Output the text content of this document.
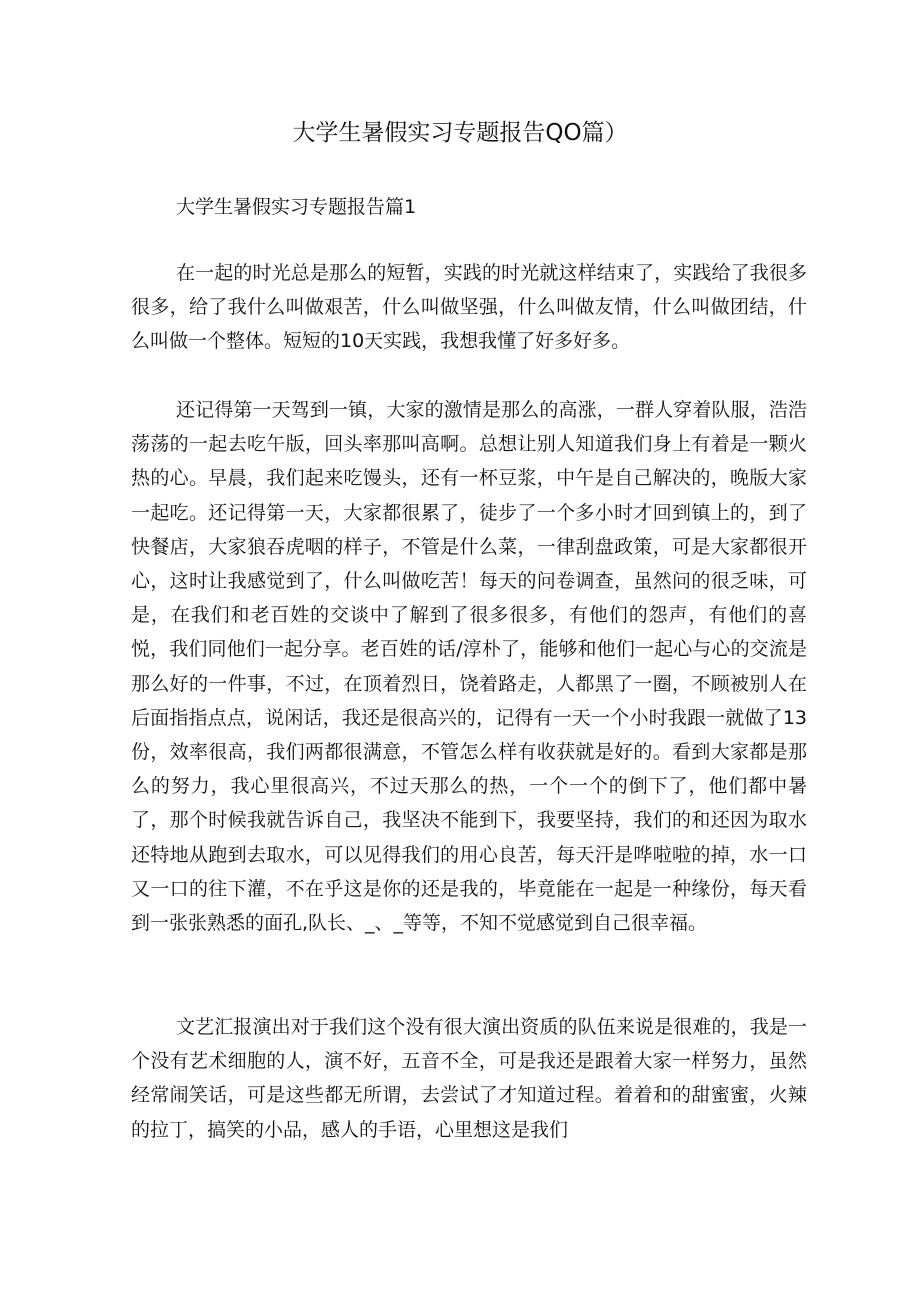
大学生暑假实习专题报告QO篇）
大学生暑假实习专题报告篇1

在一起的时光总是那么的短暂，实践的时光就这样结束了，实践给了我很多很多，给了我什么叫做艰苦，什么叫做坚强，什么叫做友情，什么叫做团结，什么叫做一个整体。短短的10天实践，我想我懂了好多好多。

还记得第一天驾到一镇，大家的激情是那么的高涨，一群人穿着队服，浩浩荡荡的一起去吃午版，回头率那叫高啊。总想让别人知道我们身上有着是一颗火热的心。早晨，我们起来吃馒头，还有一杯豆浆，中午是自己解决的，晚版大家一起吃。还记得第一天，大家都很累了，徒步了一个多小时才回到镇上的，到了快餐店，大家狼吞虎咽的样子，不管是什么菜，一律刮盘政策，可是大家都很开心，这时让我感觉到了，什么叫做吃苦！每天的问卷调查，虽然问的很乏味，可是，在我们和老百姓的交谈中了解到了很多很多，有他们的怨声，有他们的喜悦，我们同他们一起分享。老百姓的话/淳朴了，能够和他们一起心与心的交流是那么好的一件事，不过，在顶着烈日，饶着路走，人都黑了一圈，不顾被别人在后面指指点点，说闲话，我还是很高兴的，记得有一天一个小时我跟一就做了13份，效率很高，我们两都很满意，不管怎么样有收获就是好的。看到大家都是那么的努力，我心里很高兴，不过天那么的热，一个一个的倒下了，他们都中暑了，那个时候我就告诉自己，我坚决不能到下，我要坚持，我们的和还因为取水还特地从跑到去取水，可以见得我们的用心良苦，每天汗是哗啦啦的掉，水一口又一口的往下灌，不在乎这是你的还是我的，毕竟能在一起是一种缘份，每天看到一张张熟悉的面孔,队长、_、_等等，不知不觉感觉到自己很幸福。

文艺汇报演出对于我们这个没有很大演出资质的队伍来说是很难的，我是一个没有艺术细胞的人，演不好，五音不全，可是我还是跟着大家一样努力，虽然经常闹笑话，可是这些都无所谓，去尝试了才知道过程。着着和的甜蜜蜜，火辣的拉丁，搞笑的小品，感人的手语，心里想这是我们
